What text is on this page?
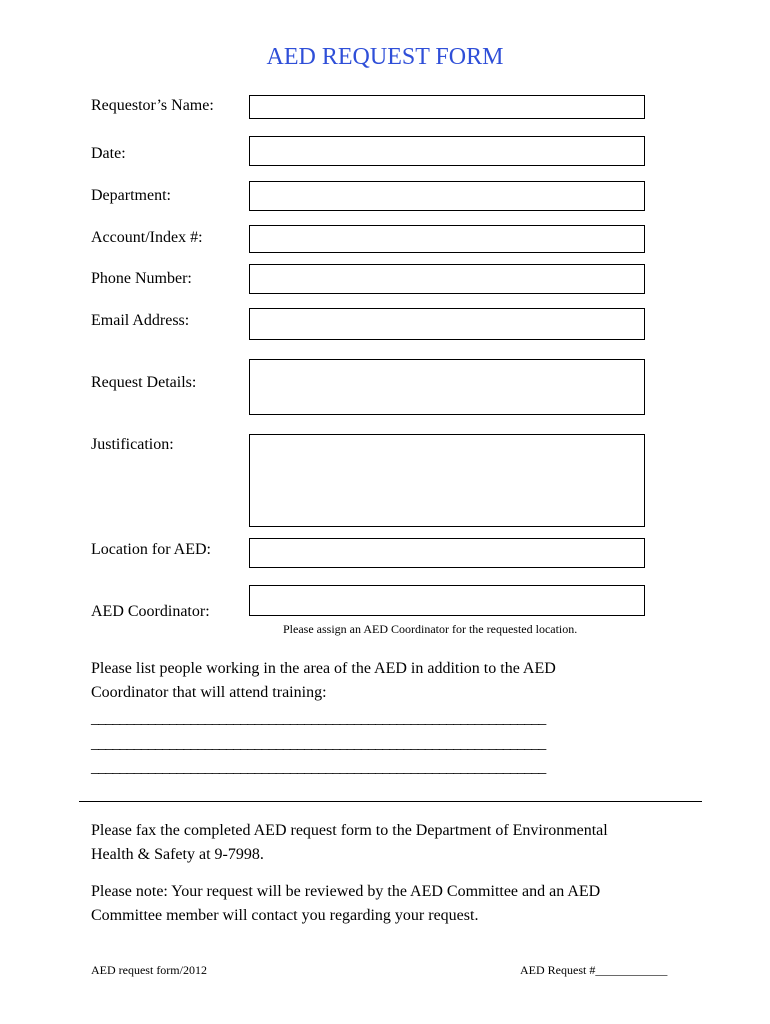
AED REQUEST FORM
Requestor’s Name:
Date:
Department:
Account/Index #:
Phone Number:
Email Address:
Request Details:
Justification:
Location for AED:
AED Coordinator:
Please assign an AED Coordinator for the requested location.
Please list people working in the area of the AED in addition to the AED
Coordinator that will attend training:
________________________________________________________________
________________________________________________________________
________________________________________________________________
Please fax the completed AED request form to the Department of Environmental
Health & Safety at 9-7998.
Please note: Your request will be reviewed by the AED Committee and an AED
Committee member will contact you regarding your request.
AED request form/2012	AED Request #____________
